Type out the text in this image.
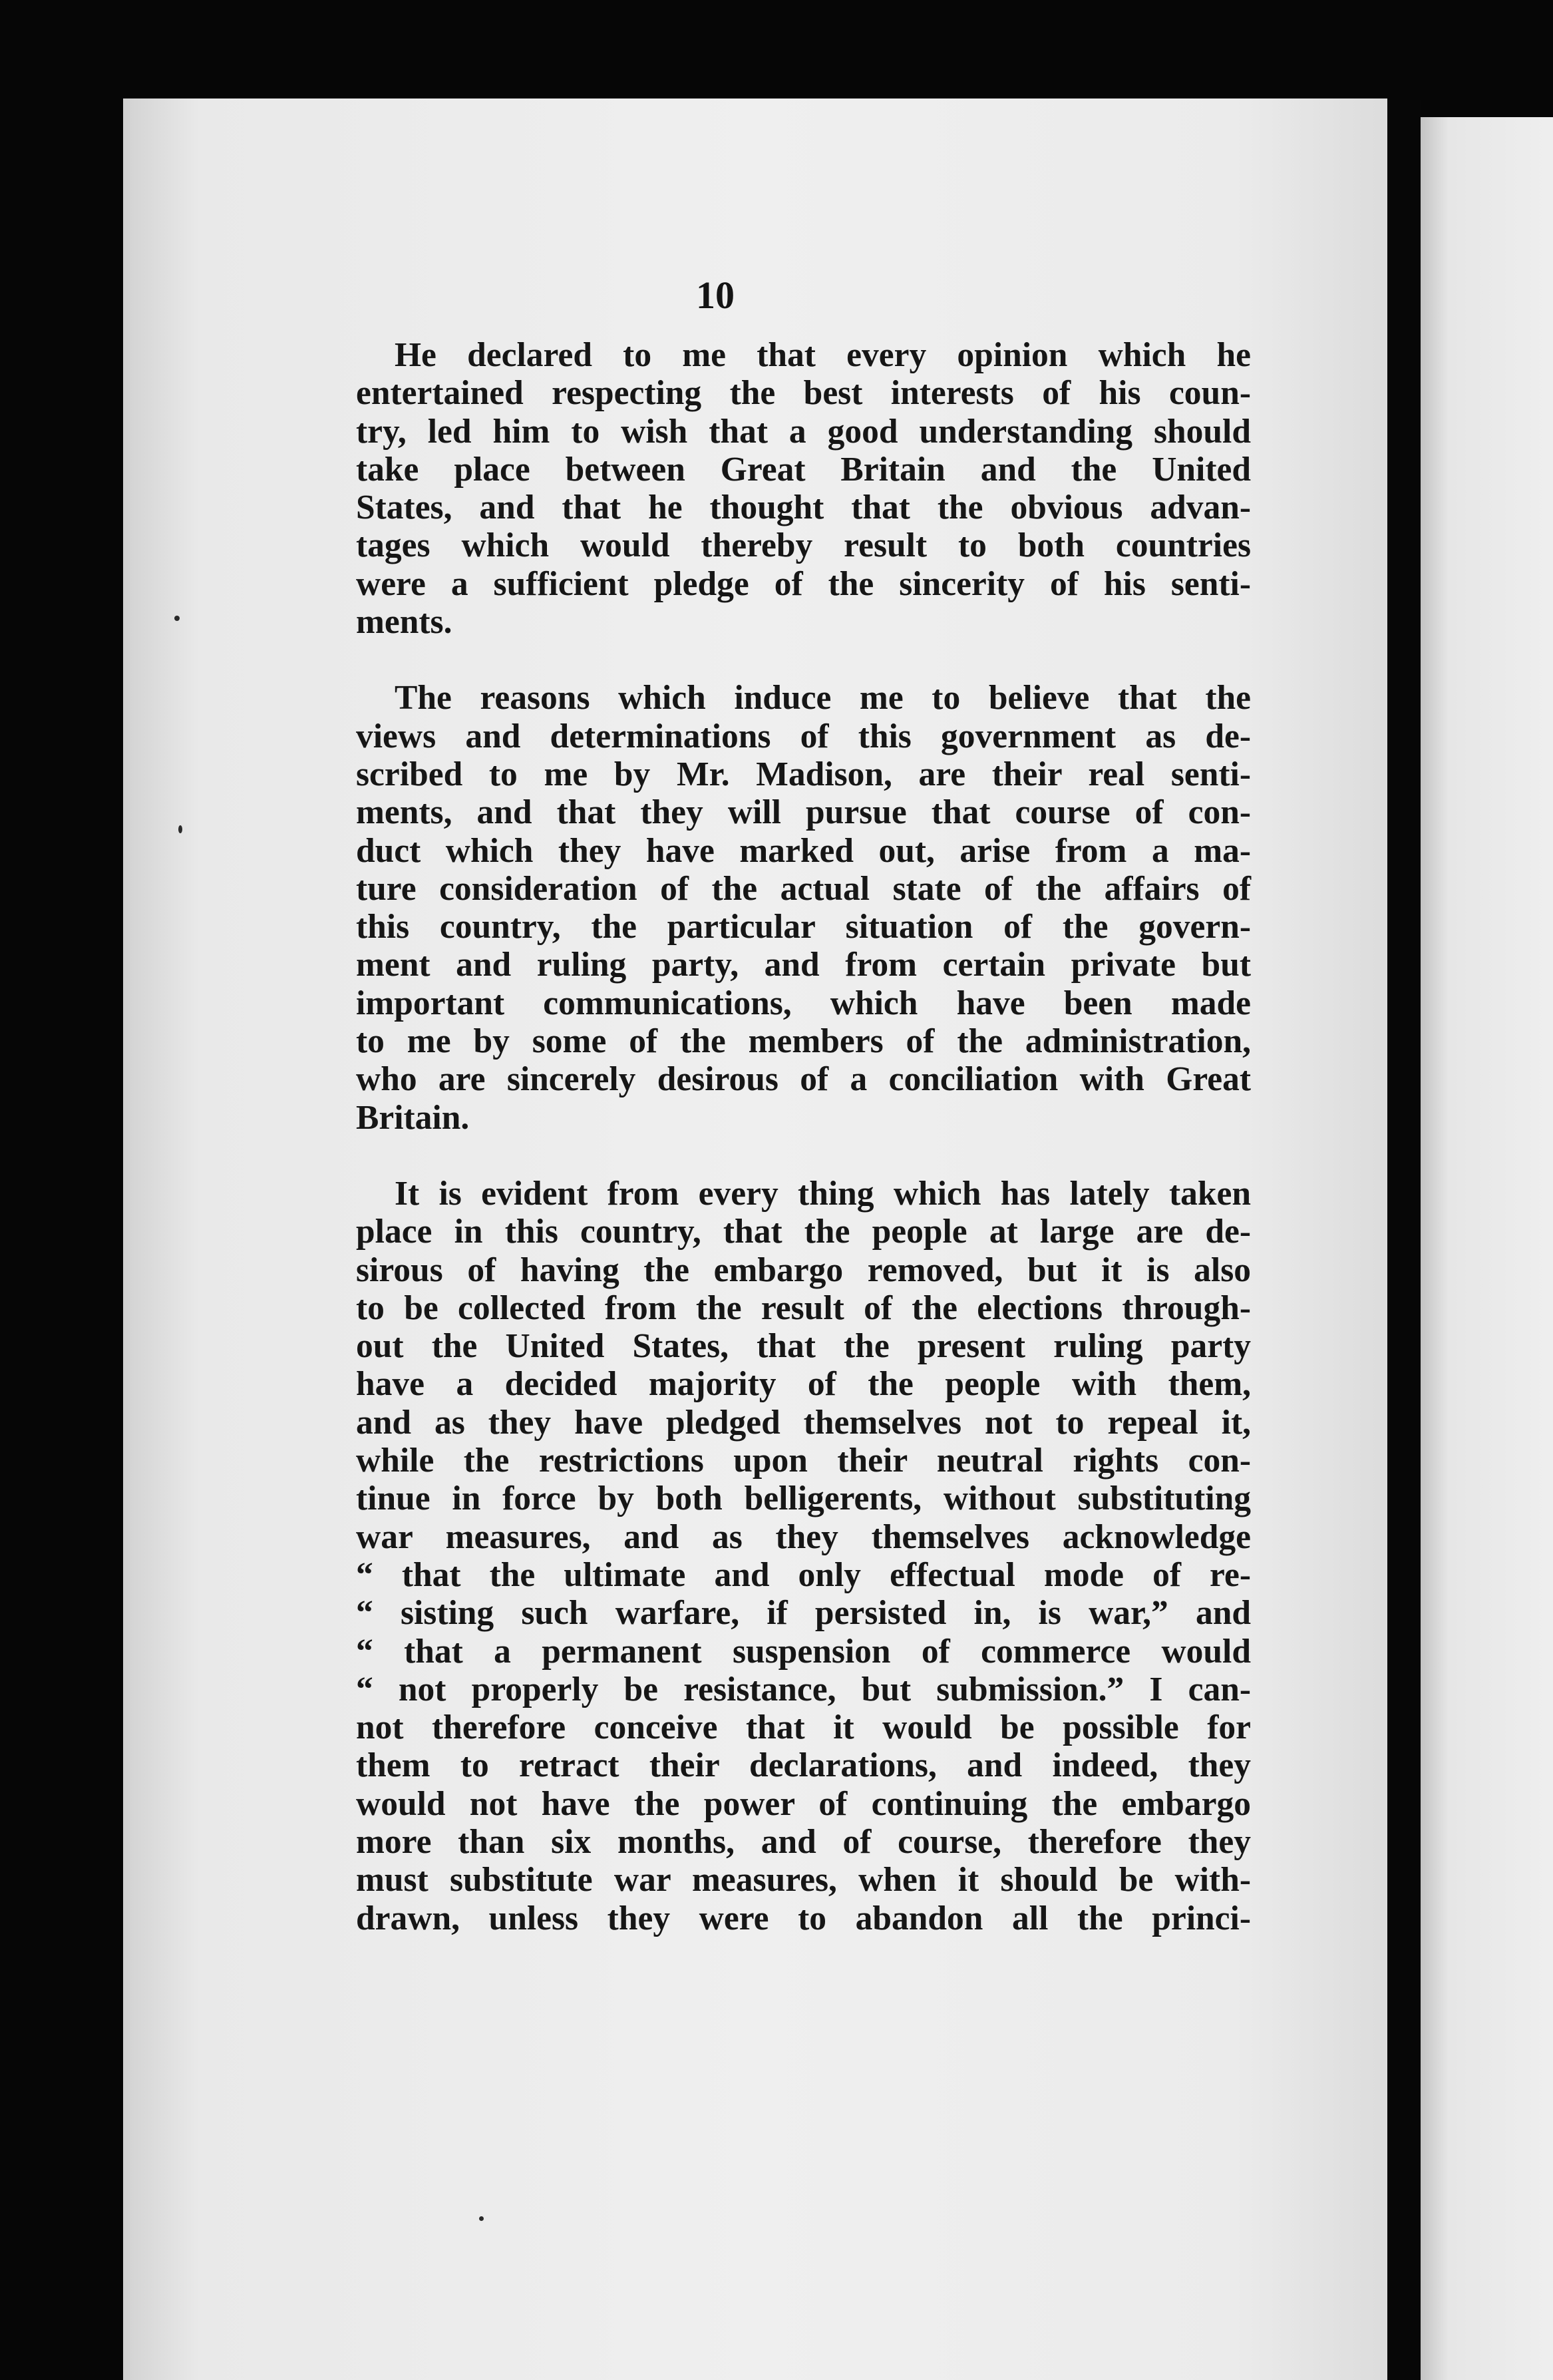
10
He declared to me that every opinion which he
entertained respecting the best interests of his coun-
try, led him to wish that a good understanding should
take place between Great Britain and the United
States, and that he thought that the obvious advan-
tages which would thereby result to both countries
were a sufficient pledge of the sincerity of his senti-
ments.
The reasons which induce me to believe that the
views and determinations of this government as de-
scribed to me by Mr. Madison, are their real senti-
ments, and that they will pursue that course of con-
duct which they have marked out, arise from a ma-
ture consideration of the actual state of the affairs of
this country, the particular situation of the govern-
ment and ruling party, and from certain private but
important communications, which have been made
to me by some of the members of the administration,
who are sincerely desirous of a conciliation with Great
Britain.
It is evident from every thing which has lately taken
place in this country, that the people at large are de-
sirous of having the embargo removed, but it is also
to be collected from the result of the elections through-
out the United States, that the present ruling party
have a decided majority of the people with them,
and as they have pledged themselves not to repeal it,
while the restrictions upon their neutral rights con-
tinue in force by both belligerents, without substituting
war measures, and as they themselves acknowledge
“ that the ultimate and only effectual mode of re-
“ sisting such warfare, if persisted in, is war,” and
“ that a permanent suspension of commerce would
“ not properly be resistance, but submission.” I can-
not therefore conceive that it would be possible for
them to retract their declarations, and indeed, they
would not have the power of continuing the embargo
more than six months, and of course, therefore they
must substitute war measures, when it should be with-
drawn, unless they were to abandon all the princi-
